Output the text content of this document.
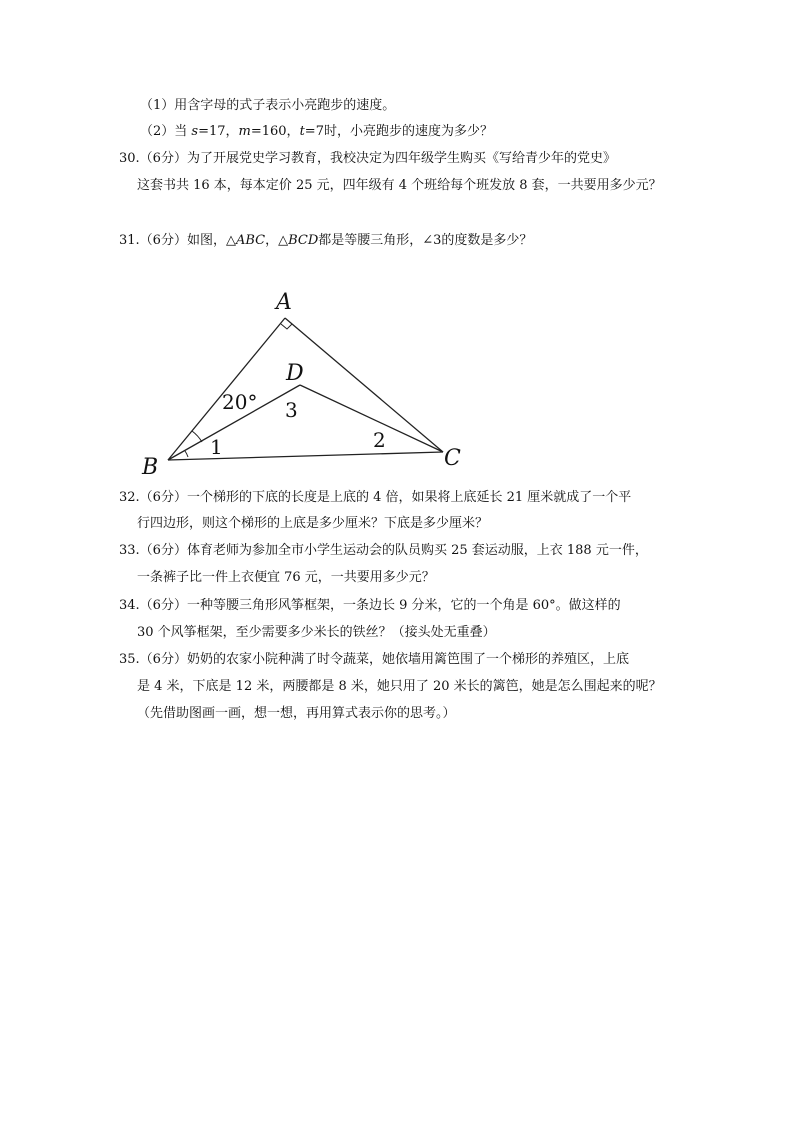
（1）用含字母的式子表示小亮跑步的速度。
（2）当 s=17，m=160，t=7时，小亮跑步的速度为多少？
30.（6分）为了开展党史学习教育，我校决定为四年级学生购买《写给青少年的党史》
这套书共 16 本，每本定价 25 元，四年级有 4 个班给每个班发放 8 套，一共要用多少元？
31.（6分）如图，△ABC，△BCD都是等腰三角形，∠3的度数是多少？
A
B	C
D
20°
1	2
3
32.（6分）一个梯形的下底的长度是上底的 4 倍，如果将上底延长 21 厘米就成了一个平
行四边形，则这个梯形的上底是多少厘米？下底是多少厘米？
33.（6分）体育老师为参加全市小学生运动会的队员购买 25 套运动服，上衣 188 元一件，
一条裤子比一件上衣便宜 76 元，一共要用多少元？
34.（6分）一种等腰三角形风筝框架，一条边长 9 分米，它的一个角是 60°。做这样的
30 个风筝框架，至少需要多少米长的铁丝？（接头处无重叠）
35.（6分）奶奶的农家小院种满了时令蔬菜，她依墙用篱笆围了一个梯形的养殖区，上底
是 4 米，下底是 12 米，两腰都是 8 米，她只用了 20 米长的篱笆，她是怎么围起来的呢？
（先借助图画一画，想一想，再用算式表示你的思考。）
